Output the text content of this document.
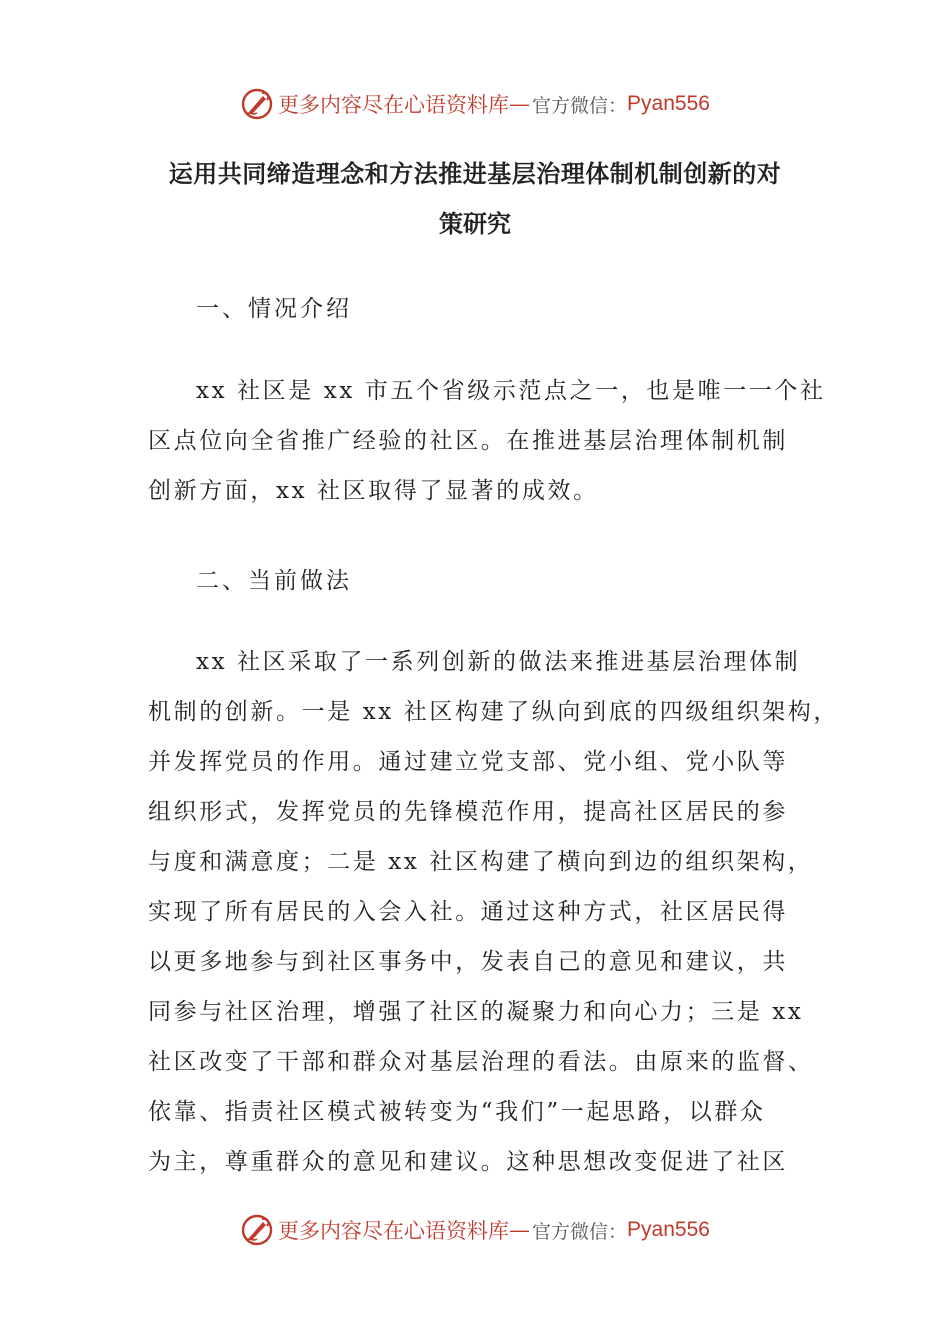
更多内容尽在心语资料库 — 官方微信： Pyan556
运用共同缔造理念和方法推进基层治理体制机制创新的对
策研究
一、情况介绍
xx 社区是 xx 市五个省级示范点之一，也是唯一一个社
区点位向全省推广经验的社区。在推进基层治理体制机制
创新方面，xx 社区取得了显著的成效。
二、当前做法
xx 社区采取了一系列创新的做法来推进基层治理体制
机制的创新。一是 xx 社区构建了纵向到底的四级组织架构，
并发挥党员的作用。通过建立党支部、党小组、党小队等
组织形式，发挥党员的先锋模范作用，提高社区居民的参
与度和满意度；二是 xx 社区构建了横向到边的组织架构，
实现了所有居民的入会入社。通过这种方式，社区居民得
以更多地参与到社区事务中，发表自己的意见和建议，共
同参与社区治理，增强了社区的凝聚力和向心力；三是 xx
社区改变了干部和群众对基层治理的看法。由原来的监督、
依靠、指责社区模式被转变为“我们”一起思路，以群众
为主，尊重群众的意见和建议。这种思想改变促进了社区
更多内容尽在心语资料库 — 官方微信： Pyan556
